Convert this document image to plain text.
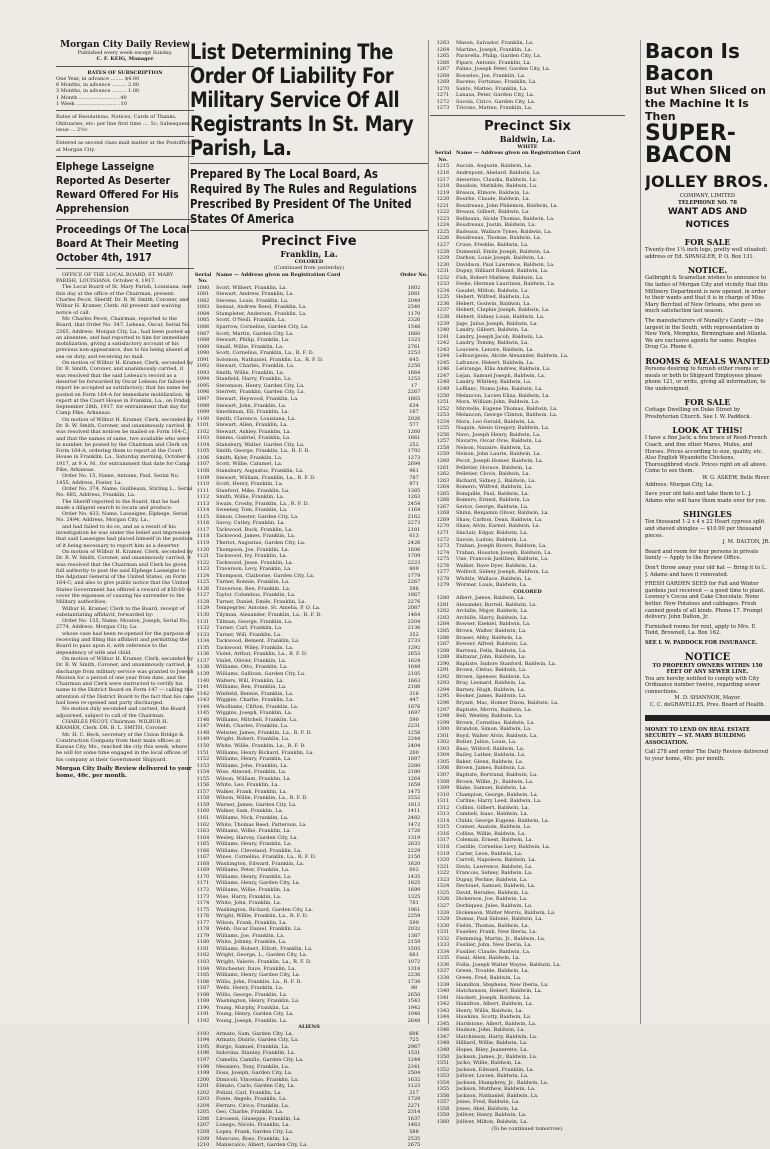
Morgan City Daily Review
Published every week except Sunday.
C. F. KEIG, Manager
RATES OF SUBSCRIPTION
One Year, in advance ........ $4.00
6 Months, in advance ......... 2.00
3 Months, in advance ......... 1.00
1 Month ........................ .40
1 Week .......................... .10
Rates of Resolutions, Notices, Cards of Thanks, Obituaries, etc: per line first time .... 5c; Subsequent issue ... 2½c
Entered as second class mail matter at the Postoffice at Morgan City.
Elphege Lasseigne Reported As Deserter Reward Offered For His Apprehension
Proceedings Of The Local Board At Their Meeting October 4th, 1917
OFFICE OF THE LOCAL BOARD, ST. MARY PARISH, LOUISIANA. October 4, 1917.
The Local Board of St. Mary Parish, Louisiana, met this day at the office of the Chairman, present: Charles Pecot, Sheriff, Dr. B. W. Smith, Coroner, and Wilbur H. Kramer, Clerk. All present and waiving notice of call.
Mr. Charles Pecot, Chairman, reported to the Board, that Order No. 347, Lebeau, Oscar, Serial No. 2365, Address, Morgan City, La., had been posted as an absentee, and had reported to him for immediate mobilization, giving a satisfactory account of his previous non-appearance, due to his being absent at sea on duty, and receiving no mail.
On motion of Wilbur H. Kramer, Clerk, seconded by Dr. B. Smith, Coroner, and unanimously carried, it was resolved that the said Lebeau's record as a deserter be forwarded by Oscar Lebeau for failure to report be accepted as satisfactory; that his name be posted on Form 164-A for immediate mobilization, to report at the Court House in Franklin, La., on Friday, September 28th, 1917, for entrainment that day for Camp Pike, Arkansas.
On motion of Wilbur H. Kramer, Clerk, seconded by Dr. B. W. Smith, Coroner, and unanimously carried, it was resolved that notices be mailed on Form 164-C, and that the names of same, two available who were in number, be posted by the Chairman and Clerk on Form 164-A, ordering them to report at the Court House in Franklin, La., Saturday morning, October 6, 1917, at 9 A. M., for entrainment that date for Camp Pike, Arkansas.
Order No. 15, Name, Antoine, Paul, Serial No. 1455, Address, Foster, La.
Order No. 374, Name, Guilbeaux, Stirling L., Serial No. 685, Address, Franklin, La.
The Sheriff reported to the Board, that he had made a diligent search to locate and produce.
Order No. 433, Name, Lasseigne, Elphege, Serial No. 2494, Address, Morgan City, La.,
and had failed to do so, and as a result of his investigation he was under the belief and impression that said Lasseigne had placed himself in the position of it being necessary to report him as a deserter.
On motion of Wilbur H. Kramer, Clerk, seconded by Dr. B. W. Smith, Coroner, and unanimously carried, it was resolved that the Chairman and Clerk be given full authority to post the said Elphege Lasseigne to the Adjutant General of the United States, on Form 164-C; and also to give public notice that the United States Government has offered a reward of $50.00 to cover the expenses of causing his surrender to the Military authorities.
Wilbur H. Kramer, Clerk to the Board, receipt of substantiating affidavit, forwarded by:
Order No. 155, Name, Mouton, Joseph, Serial No. 2774, Address, Morgan City, La.
whose case had been re-opened for the purpose of receiving and filing this affidavit and permitting the Board to pass upon it, with reference to the dependency of wife and child.
On motion of Wilbur H. Kramer, Clerk, seconded by Dr. B. W. Smith, Coroner, and unanimously carried, a discharge from military service was granted to Joseph Mouton for a period of one year from date, and the Chairman and Clerk were instructed to certify his name to the District Board on Form 147 — calling the attention of the District Board to the fact that his case had been re-opened and party discharged.
No motion duly seconded and carried, the Board adjourned, subject to call of the Chairman.
CHARLES PECOT, Chairman. WILBUR H. KRAMER, Clerk. DR. B. L. SMITH, Coroner.
Mr. H. C. Beck, secretary of the Union Bridge & Construction Company from their main offices at Kansas City, Mo., reached the city this week, where he will for some time engaged in the local offices of his company at their Government Shipyard.
Morgan City Daily Review delivered to your home, 40c. per month.
List Determining The Order Of Liability For Military Service Of All Registrants In St. Mary Parish, La.
Prepared By The Local Board, As Required By The Rules and Regulations Prescribed By President Of The United States Of America
Precinct Five
Franklin, La.
COLORED
(Continued from yesterday)
Serial No.
Name — Address given on Registration Card	Order No.
1080
1081
1082
1083
1084
1085
1086
1087
1088
1089
1090
1091
1092
1093
1094
1095
1096
1097
1098
1099
1100
1101
1102
1103
1104
1105
1106
1107
1108
1109
1110
1111
1112
1113
1114
1115
1116
1117
1118
1119
1120
1121
1122
1123
1124
1125
1126
1127
1128
1129
1130
1131
1132
1133
1134
1135
1136
1137
1138
1139
1140
1141
1142
1143
1144
1145
1146
1147
1148
1149
1150
1151
1152
1153
1154
1155
1156
1157
1158
1159
1160
1161
1162
1163
1164
1165
1166
1167
1168
1169
1170
1171
1172
1173
1174
1175
1176
1177
1178
1179
1180
1181
1182
1183
1184
1185
1186
1187
1188
1189
1190
1191
1192
Scott, Wilbert, Franklin, La.
Stewart, Andrew, Franklin, La.
Stevens, Louis, Franklin, La.
Semiat, Andrew Reed, Franklin, La.
Stampleter, Anderson, Franklin, La.
Scott, O'Neill, Franklin, La.
Sparrow, Cornelius, Garden City, La.
Scott, Martin, Garden City, La.
Stewart, Philip, Franklin, La.
Small, Willie, Franklin, La.
Scott, Cornelius, Franklin, La., R. F. D.
Solomon, Nathaniel, Franklin, La., R. F. D.
Stewart, Charles, Franklin, La.
Smith, Willie, Franklin, La.
Stanfield, Harry, Franklin, La.
Stevenson, Henry, Garden City, La.
Sterrett, Franklin, Garden City, La.
Stewart, Heywood, Franklin, La.
Stewart, John, Franklin, La.
Smothman, Eli, Franklin, La.
Smith, Clarence, Louisiana, La.
Stewart, Allen, Franklin, La.
Stewart, Ashley, Franklin, La.
Simms, Gabriel, Franklin, La.
Stansbury, Walter, Garden City, La.
Smith, George, Franklin, La., R. F. D.
Smith, Kyler, Franklin, La.
Scott, Willie, Calumet, La.
Stansbury, Augustus, Franklin, La.
Stewart, William, Franklin, La., R. F. D.
Scott, Henry, Franklin, La.
Stanford, Mike, Franklin, La.
Smith, Willie, Franklin, La.
Swain, Crosby, Franklin, La., R. F. D.
Sweeney, Tom, Franklin, La.
Simon, Chester, Garden City, La.
Savoy, Cutley, Franklin, La.
Tackwood, Buck, Franklin, La.
Tackwood, James, Franklin, La.
Theriot, Augustus, Garden City, La.
Thompson, Joe, Franklin, La.
Tackwood, Ivy, Franklin, La.
Tackwood, Jesse, Franklin, La.
Traverson, Levy, Franklin, La.
Thompson, Claiborne, Garden City, La.
Turner, Ronnie, Franklin, La.
Traverson, Ben, Franklin, La.
Taylor, Columbus, Franklin, La.
Turner, Daniel, Emile, Franklin, La.
Tempegrier, Antoine, St. Amelia, P. O. La.
Tilyman, Alexander, Franklin, La., R. F. D.
Tillman, George, Franklin, La.
Turner, Carl, Franklin, La.
Turner, Will, Franklin, La.
Tackwood, Bement, Franklin, La.
Tackwood, Wiley, Franklin, La.
Violet, Arthur, Franklin, La., R. F. D.
Vinlet, Olivier, Franklin, La.
Williams, Otto, Franklin, La.
Williams, Sullivan, Garden City, La.
Walters, Will, Franklin, La.
Williams, Ben, Franklin, La.
Winfield, Bennie, Franklin, La.
Wiggins, Charlie, Franklin, La.
Wholliams, Clifton, Franklin, La.
Wiggins, Joseph, Franklin, La.
Williams, Mitchell, Franklin, La.
Webb, Charles, Franklin, La.
Webster, James, Franklin, La., R. F. D.
Wright, Robert, Franklin, La.
White, Willie, Franklin, La., R. F. D.
Williams, Henry Richard, Franklin, La.
Williams, Henry, Franklin, La.
Williams, John, Franklin, La.
Wise, Almond, Franklin, La.
Wilson, William, Franklin, La.
White, Leo, Franklin, La.
Walker, Frank, Franklin, La.
Wilson, Willie, Franklin, La., R. F. D.
Warner, James, Garden City, La.
Walker, Sam, Franklin, La.
Williams, Nick, Franklin, La.
White, Thomas Reed, Patterson, La.
Williams, Willie, Franklin, La.
Wesley, Harvey, Garden City, La.
Williams, Henry, Franklin, La.
Williams, Cleveland, Franklin, La.
Wines, Cornelius, Franklin, La., R. F. D.
Washington, Edward, Franklin, La.
Williams, Peter, Franklin, La.
Williams, Henry, Franklin, La.
Williams, Henry, Garden City, La.
Williams, Willie, Franklin, La.
Wise, Harry, Franklin, La.
White, John, Franklin, La.
Washington, Richard, Garden City, La.
Wright, Willie, Franklin, La., R. F. D.
Wilson, Frank, Franklin, La.
Webb, Oscar Daniel, Franklin, La.
Williams, Joe, Franklin, La.
White, Johnny, Franklin, La.
Williams, Robert, Elliott, Franklin, La.
Wright, George, L., Garden City, La.
Wright, Valerio, Franklin, La., R. F. D.
Winchester, Dave, Franklin, La.
Williams, Henry, Garden City, La.
Willis, John, Franklin, La., R. F. D.
Wells, Henry, Franklin, La.
Willis, George, Franklin, La.
Washington, Henry, Franklin, La.
Young, Murphy, Franklin, La.
Young, Henry, Garden City, La.
Young, Joseph, Franklin, La.
1802
2081
2049
2540
1170
2326
1548
1660
1323
2761
2253
645
2250
1664
1253
17
2267
1665
634
167
2026
577
1260
1661
252
1792
1273
2694
961
787
971
1385
1263
2454
1164
2162
2273
2181
613
2426
1606
1709
2223
809
1779
2267
596
1867
2276
2087
1464
2204
2136
352
2733
1292
2653
1624
1649
2185
1663
2186
316
447
1876
1697
590
2231
1258
2244
2404
200
1697
2280
2180
1264
1659
1475
2552
1813
1411
2482
1472
1726
1319
2633
2229
2150
1620
602
1435
1825
1699
1325
781
1961
2259
590
2032
1387
2159
1505
661
1072
1318
2236
1738
98
2650
1543
1942
1040
2648
ALIENS
1193
1194
1195
1196
1197
1198
1199
1200
1201
1202
1203
1204
1205
1206
1207
1208
1209
1210
Armato, Sam, Garden City, La.
Armato, Disirio, Garden City, La.
Burgo, Samuel, Franklin, La.
Indovina, Stanley, Franklin, La.
Cumella, Camillo, Garden City, La.
Messiero, Tony, Franklin, La.
Doss, Joseph, Garden City, La.
Dimicoli, Vincenzo, Franklin, La.
Elmato, Carlo, Garden City, La.
Polizzi, Carl, Franklin, La.
Fonte, Angelo, Franklin, La.
Ferraro, Cirico, Franklin, La.
Geo, Charlie, Franklin, La.
Lirosessi, Giuseppe, Franklin, La.
Lonego, Nicolo, Franklin, La.
Lopez, Frank, Garden City, La.
Mancuso, Roso, Franklin, La.
Maniscalco, Albert, Garden City, La.
606
725
2967
1531
1244
2341
2504
1632
1123
217
1729
2271
2314
1637
1463
588
2535
2675
1263
1264
1265
1266
1267
1268
1269
1270
1271
1272
1273
Mason, Salvador, Franklin, La.
Martino, Joseph, Franklin, La.
Paravella, Philip, Garden City, La.
Piparo, Antonio, Franklin, La.
Palmo, Joseph Peter, Garden City, La.
Rosseloo, Joe, Franklin, La.
Raceno, Fortunao, Franklin, La.
Santo, Matteo, Franklin, La.
Lanasa, Peter, Garden City, La.
Savola, Cirico, Garden City, La.
Tricono, Matteo, Franklin, La.
Precinct Six
Baldwin, La.
WHITE
Serial No.
Name — Address given on Registration Card
1215
1216
1217
1218
1219
1220
1221
1222
1223
1224
1225
1226
1227
1228
1229
1230
1231
1232
1233
1234
1235
1236
1237
1238
1239
1240
1241
1242
1243
1244
1245
1246
1247
1248
1249
1250
1251
1252
1253
1254
1255
1256
1257
1258
1259
1260
1261
1262
1263
1264
1265
1266
1267
1268
1269
1270
1271
1272
1273
1274
1275
1276
1277
1278
1279
Aucoin, Auguste, Baldwin, La.
Andrepont, Abelard, Baldwin, La.
Aleserino, Claudia, Baldwin, La.
Baudoin, Mathilde, Baldwin, La.
Breaux, Elmore, Baldwin, La.
Bourbe, Claude, Baldwin, La.
Boudreaux, John Philemon, Baldwin, La.
Breaux, Gilbert, Baldwin, La.
Bellieaux, Alcide Thomas, Baldwin, La.
Boudreaux, Justin, Baldwin, La.
Badeaux, Wallace Tynes, Baldwin, La.
Boudreaux, Thomas, Baldwin, La.
Cruse, Freddie, Baldwin, La.
Dumesnil, Emile Joseph, Baldwin, La.
Darbon, Louis Joseph, Baldwin, La.
Davidson, Paul Lawrence, Baldwin, La.
Dupuy, Hilliard Roland, Baldwin, La.
Fish, Robert Mathew, Baldwin, La.
Feske, Herman Lauritzen, Baldwin, La.
Gaudet, Milton, Baldwin, La.
Hebert, Wilfred, Baldwin, La.
Hebert, Godwin, Baldwin, La.
Hebert, Clephie Joseph, Baldwin, La.
Hebert, Sidney Louis, Baldwin, La.
Jage, Julius Joseph, Baldwin, La.
Landry, Gilbert, Baldwin, La.
Landry, Joseph Jacob, Baldwin, La.
Landry, Tommy, Baldwin, La.
Louviere, Lenore, Baldwin, La.
LeBourgeois, Alcide Alexander, Baldwin, La.
Lafrance, Hebert, Baldwin, La.
LeGrange, Ellis Andrew, Baldwin, La.
Lejan, Samuel Joseph, Baldwin, La.
Landry, Whitney, Baldwin, La.
LeBlanc, Numa John, Baldwin, La.
Melancon, Lucien Eliza, Baldwin, La.
Mora, William John, Baldwin, La.
Mirotelle, Eugene Thomas, Baldwin, La.
Melancon, George Clinton, Baldwin, La.
Mora, Leo Gerald, Baldwin, La.
Naquin, Alexis Gregory, Baldwin, La.
Navo, Joseph Henry, Baldwin, La.
Navarre, Oscar Ovie, Baldwin, La.
Nelson, Nazaire, Baldwin, La.
Nelson, John Laurie, Baldwin, La.
Pecot, Joseph Homer, Baldwin, La.
Pelletier, Horace, Baldwin, La.
Pelletier, Clovis, Baldwin, La.
Richard, Sidney J., Baldwin, La.
Romero, Wilfred, Baldwin, La.
Ronquille, Paul, Baldwin, La.
Romero, Ernest, Baldwin, La.
Serice, George, Baldwin, La.
Shinn, Benjamin Oliver, Baldwin, La.
Shaw, Carlton, Dean, Baldwin, La.
Shaw, Alvin, Earnel, Baldwin, La.
Sinclair, Edgar, Baldwin, La.
Savoie, Ludois, Baldwin, La.
Trahan, Joseph Rivers, Baldwin, La.
Trahan, Houston Joseph, Baldwin, La.
Une, Francois Justilien, Baldwin, La.
Walker, Dave Dyer, Baldwin, La.
Wolford, Sidney Joseph, Baldwin, La.
Whittle, Wallace, Baldwin, La.
Wormer, Louis, Baldwin, La.
COLORED
1280
1281
1282
1283
1284
1285
1286
1287
1288
1289
1290
1291
1292
1293
1294
1295
1296
1297
1298
1299
1300
1301
1302
1303
1304
1305
1306
1307
1308
1309
1310
1311
1312
1313
1314
1315
1316
1317
1318
1319
1320
1321
1322
1323
1324
1325
1326
1327
1328
1329
1330
1331
1332
1333
1334
1335
1336
1337
1338
1339
1340
1341
1342
1343
1344
1345
1346
1347
1348
1349
1350
1351
1352
1353
1354
1355
1356
1357
1358
1359
1360
Albert, James, Baldwin, La.
Alexander, Burrell, Baldwin, La.
Archille, Major, Baldwin, La.
Archille, Harry, Baldwin, La.
Bowser, Ezekiel, Baldwin, La.
Brown, Walter, Baldwin, La.
Brauer, Abby, Baldwin, La.
Bowser, Alfred, Baldwin, La.
Barreau, Felix, Baldwin, La.
Baltazar, John, Baldwin, La.
Baptiste, Isidore Stanford, Baldwin, La.
Brown, Cletus, Baldwin, La.
Brown, Spenser, Baldwin, La.
Bray, Leonard, Baldwin, La.
Barney, Hugh, Baldwin, La.
Booker, James, Baldwin, La.
Bryant, Mac, Homer Dixon, Baldwin, La.
Baptiste, Morris, Baldwin, La.
Bell, Westley, Baldwin, La.
Brown, Cornelius, Baldwin, La.
Brandon, Simon, Baldwin, La.
Boyd, Walter Alvin, Baldwin, La.
Butler, Julius, Louis, La.
Bass, Wilford, Baldwin, La.
Bailey, Luther, Baldwin, La.
Baker, Glenn, Baldwin, La.
Brown, James, Baldwin, La.
Baptiste, Bertrand, Baldwin, La.
Brown, Willie, Jr., Baldwin, La.
Blake, Samuel, Baldwin, La.
Champion, George, Baldwin, La.
Carline, Harry Leed, Baldwin, La.
Collins, Gilbert, Baldwin, La.
Cambell, Isaac, Baldwin, La.
Childs, George Eugene, Baldwin, La.
Conner, Anatole, Baldwin, La.
Collins, Willie, Baldwin, La.
Coleman, Ernest, Baldwin, La.
Castille, Cornelius Levy, Baldwin, La.
Carter, Leon, Baldwin, La.
Carroll, Napoleon, Baldwin, La.
Davis, Lawrence, Baldwin, La.
Francois, Sidney, Baldwin, La.
Dupuy, Perline, Baldwin, La.
Declouet, Samuel, Baldwin, La.
David, Berades, Baldwin, La.
Dickerson, Joe, Baldwin, La.
Dorbiquez, Jules, Baldwin, La.
Dickenson, Walter Morris, Baldwin, La.
Dumas, Paul Sidonie, Baldwin, La.
Fields, Thomas, Baldwin, La.
Fuselier, Frank, New Iberia, La.
Flemming, Martin, Jr., Baldwin, La.
Fusilier, John, New Iberia, La.
Fusilier, Claude, Baldwin, La.
Fasal, Allen, Baldwin, La.
Follis, Joseph Walter Wayne, Baldwin, La.
Green, Trouble, Baldwin, La.
Green, Fred, Baldwin, La.
Hamilton, Stephens, New Iberia, La.
Hatchenson, Hebert, Baldwin, La.
Hackett, Joseph, Baldwin, La.
Hamilton, Albert, Baldwin, La.
Henry, Willis, Baldwin, La.
Hawkins, Scotty, Baldwin, La.
Hardstone, Albert, Baldwin, La.
Hudson, John, Baldwin, La.
Hutchinson, Harry, Baldwin, La.
Hilliard, Willie, Baldwin, La.
Hopes, Riley, Jeanerette, La.
Jackson, James, Jr., Baldwin, La.
Jacko, Willie, Baldwin, La.
Jackson, Edward, Franklin, La.
Jolliver, Lucien, Baldwin, La.
Jackson, Humphrey, Jr., Baldwin, La.
Jackson, Matthew, Baldwin, La.
Jackson, Nathaniel, Baldwin, La.
Jones, Fred, Baldwin, La.
Jones, Abel, Baldwin, La.
Jolliver, Henry, Baldwin, La.
Jolliver, Milton, Baldwin, La.
(To be continued tomorrow).
Bacon Is Bacon
But When Sliced on the Machine It Is Then
SUPER-BACON
JOLLEY BROS.
COMPANY, LIMITED
TELEPHONE NO. 78
WANT ADS AND NOTICES
FOR SALE
Twenty-five 1¼ inch logs, pretty well situated; address or Ed. SPANGLER, P. O. Box 131.
NOTICE.
Gatbright & Scamellan wishes to announce to the ladies of Morgan City and vicinity that this Millinery Department is now opened, in order to their wants and that it is in charge of Miss Mary Berchiel of New Orleans, who gave so much satisfaction last season.
The manufacturers of Nunally's Candy — the largest in the South, with representation in New York, Memphis, Birmingham and Atlanta. We are exclusive agents for same. Peoples Drug Co. Phone 6.
ROOMS & MEALS WANTED
Persons desiring to furnish either rooms or meals or both to Shipyard Employees please phone 121, or write, giving all information, to the undersigned.
FOR SALE
Cottage Dwelling on Duke Street by Presbyterian Church. See I. W. Paddock.
LOOK AT THIS!
I have a fine Jack; a fine brace of Reed-French Coach, and fine other Mares, Mules, and Horses. Prices according to size, quality, etc. Also English Wyandotte Chickens, Thoroughbred stock. Prices right on all above. Come to see them.
W. G. ASKEW, Belle River.
Address: Morgan City, La.
Save your old hats and take them to L. J. Adams who will have them made over for you.
SHINGLES
Ten thousand 1-2 x 4 x 22 Heart cypress split and shaved shingles — $10.00 per thousand pieces.
J. M. DALTON, JR.
Board and room for four persons in private family — Apply to the Review Office.
Don't throw away your old hat — Bring it to L. J. Adams and have it renovated.
FRESH GARDEN SEED for Fall and Winter gardens just received — a good time to plant. Lowney's Cocoa and Cake Chocolate. None better. New Potatoes and cabbages. Fresh canned goods of all kinds. Phone 17. Prompt delivery. John Dalton, Jr.
Furnished rooms for rent, apply to Mrs. E. Todd, Brownell, La. Box 162.
SEE I. W. PADDOCK FOR INSURANCE.
NOTICE
TO PROPERTY OWNERS WITHIN 150 FEET OF ANY SEWER LINE.
You are hereby notified to comply with City Ordinance number twelve, regarding sewer connections.
M. D. SHANNON, Mayor.
C. C. deGRAVELLES, Pres. Board of Health.
MONEY TO LEND ON REAL ESTATE SECURITY — ST. MARY BUILDING ASSOCIATION.
Call 278 and order The Daily Review delivered to your home, 40c. per month.
